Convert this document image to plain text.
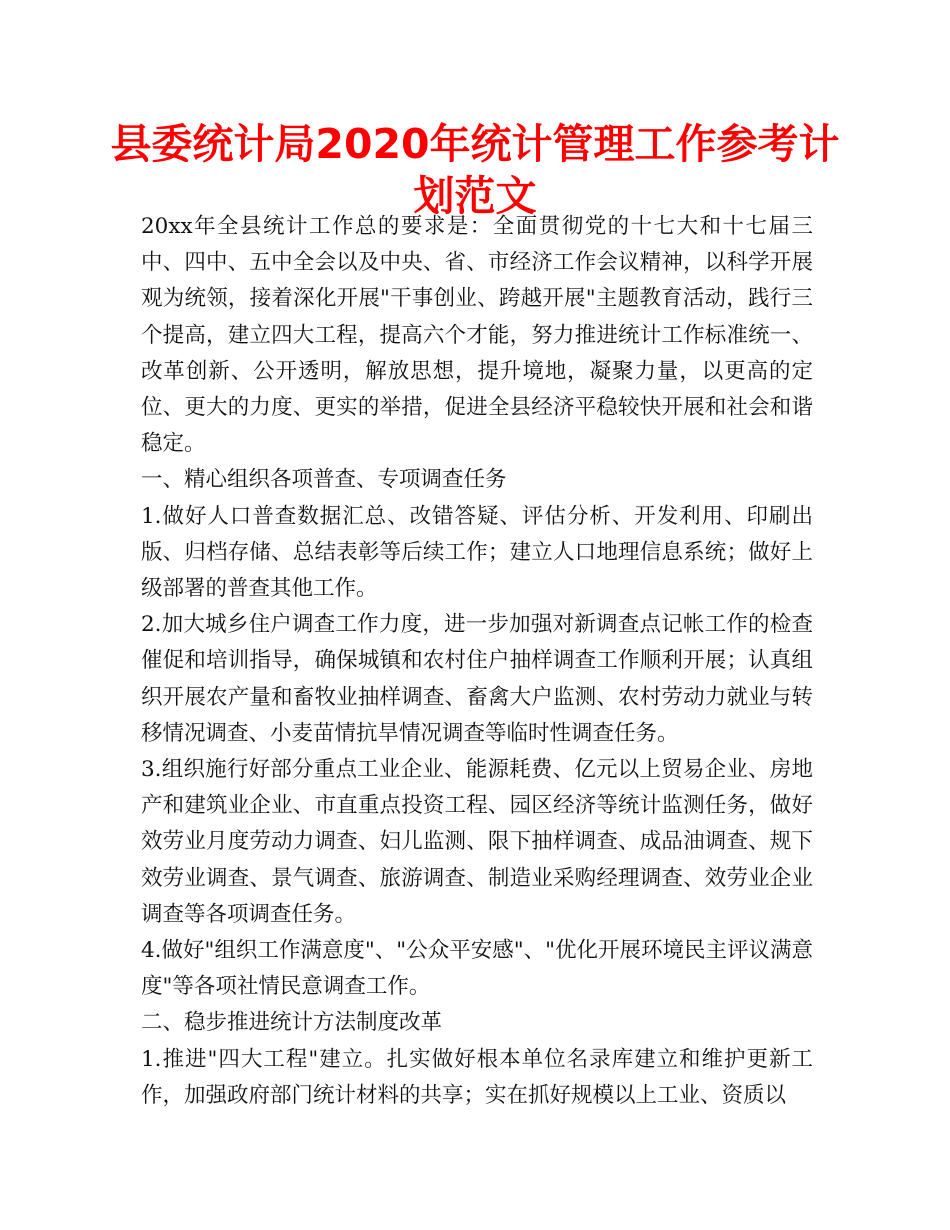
县委统计局2020年统计管理工作参考计划范文

20xx年全县统计工作总的要求是：全面贯彻党的十七大和十七届三中、四中、五中全会以及中央、省、市经济工作会议精神，以科学开展观为统领，接着深化开展"干事创业、跨越开展"主题教育活动，践行三个提高，建立四大工程，提高六个才能，努力推进统计工作标准统一、改革创新、公开透明，解放思想，提升境地，凝聚力量，以更高的定位、更大的力度、更实的举措，促进全县经济平稳较快开展和社会和谐稳定。

一、精心组织各项普查、专项调查任务

1.做好人口普查数据汇总、改错答疑、评估分析、开发利用、印刷出版、归档存储、总结表彰等后续工作；建立人口地理信息系统；做好上级部署的普查其他工作。

2.加大城乡住户调查工作力度，进一步加强对新调查点记帐工作的检查催促和培训指导，确保城镇和农村住户抽样调查工作顺利开展；认真组织开展农产量和畜牧业抽样调查、畜禽大户监测、农村劳动力就业与转移情况调查、小麦苗情抗旱情况调查等临时性调查任务。

3.组织施行好部分重点工业企业、能源耗费、亿元以上贸易企业、房地产和建筑业企业、市直重点投资工程、园区经济等统计监测任务，做好效劳业月度劳动力调查、妇儿监测、限下抽样调查、成品油调查、规下效劳业调查、景气调查、旅游调查、制造业采购经理调查、效劳业企业调查等各项调查任务。

4.做好"组织工作满意度"、"公众平安感"、"优化开展环境民主评议满意度"等各项社情民意调查工作。

二、稳步推进统计方法制度改革

1.推进"四大工程"建立。扎实做好根本单位名录库建立和维护更新工作，加强政府部门统计材料的共享；实在抓好规模以上工业、资质以
